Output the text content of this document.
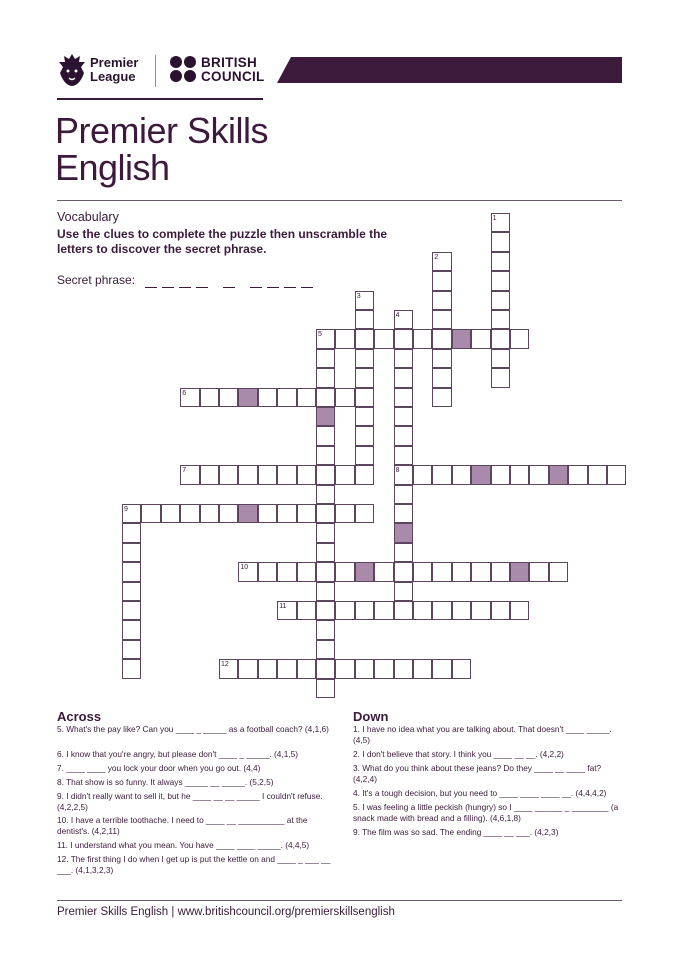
Premier
League
BRITISH
COUNCIL
Premier Skills
English
Vocabulary
Use the clues to complete the puzzle then unscramble the letters to discover the secret phrase.
Secret phrase:
5
6
7	8
9
10
11
12
1
2
3
4
Across	Down
5. What's the pay like? Can you ____ _ _____ as a football coach? (4,1,6)
6. I know that you're angry, but please don't ____ _ _____. (4,1,5)
7. ____ ____ you lock your door when you go out. (4,4)
8. That show is so funny. It always _____ __ _____. (5,2,5)
9. I didn't really want to sell it, but he ____ __ __ _____ I couldn't refuse. (4,2,2,5)
10. I have a terrible toothache. I need to ____ __ __________ at the dentist's. (4,2,11)
11. I understand what you mean. You have ____ ____ _____. (4,4,5)
12. The first thing I do when I get up is put the kettle on and ____ _ ___ __ ___. (4,1,3,2,3)
1. I have no idea what you are talking about. That doesn't ____ _____. (4,5)
2. I don't believe that story. I think you ____ __ __. (4,2,2)
3. What do you think about these jeans? Do they ____ __ ____ fat? (4,2,4)
4. It's a tough decision, but you need to ____ ____ ____ __. (4,4,4,2)
5. I was feeling a little peckish (hungry) so I ____ ______ _ ________ (a snack made with bread and a filling). (4,6,1,8)
9. The film was so sad. The ending ____ __ ___. (4,2,3)
Premier Skills English | www.britishcouncil.org/premierskillsenglish
